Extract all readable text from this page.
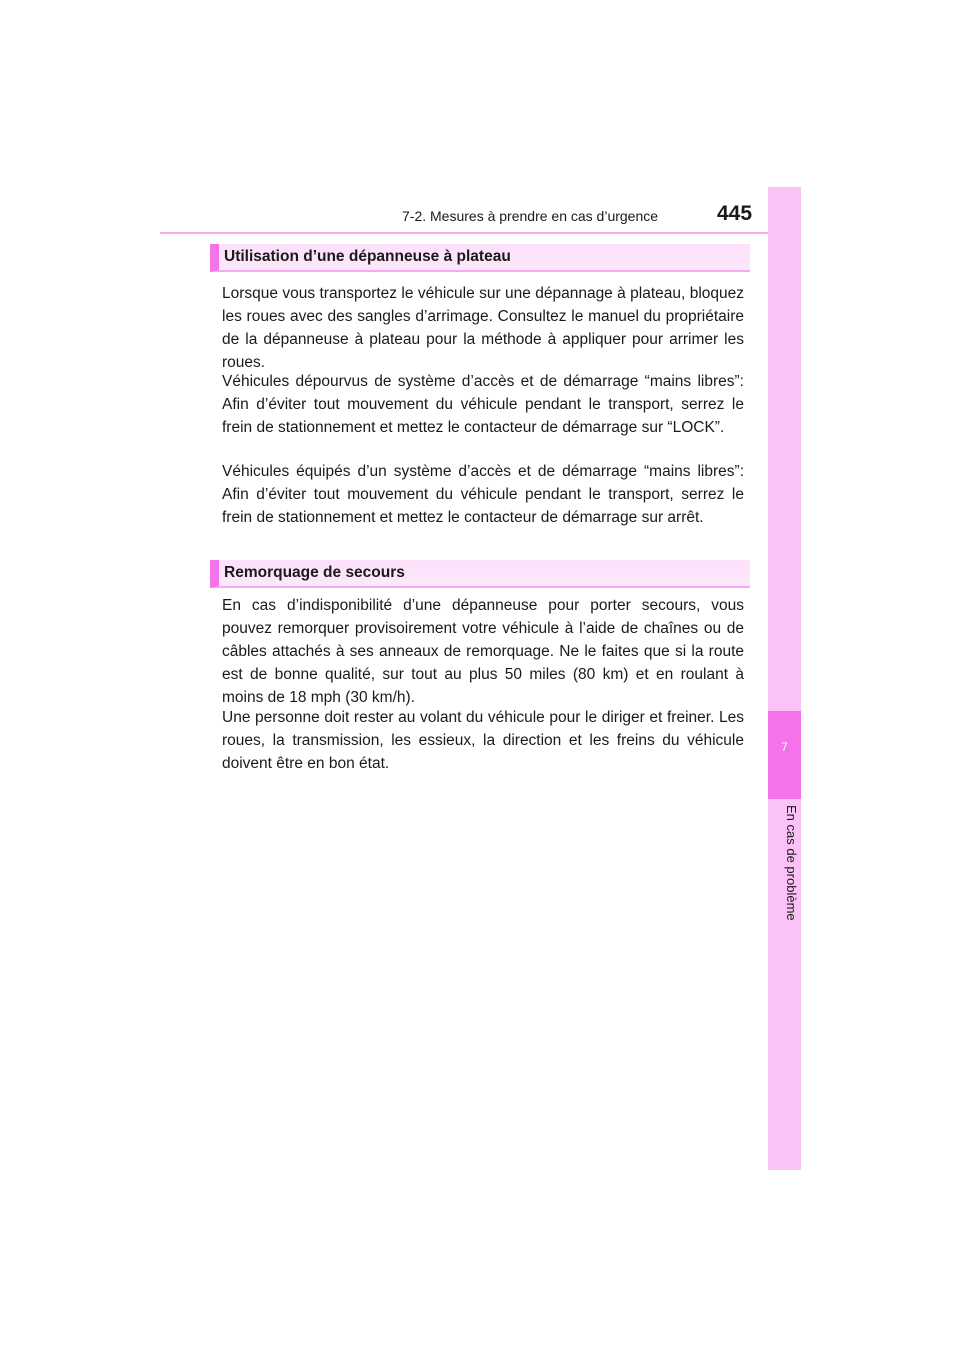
7-2. Mesures à prendre en cas d’urgence	445
7
En cas de problème
Utilisation d’une dépanneuse à plateau

Lorsque vous transportez le véhicule sur une dépannage à plateau, bloquez les roues avec des sangles d’arrimage. Consultez le manuel du propriétaire de la dépanneuse à plateau pour la méthode à appliquer pour arrimer les roues.

Véhicules dépourvus de système d’accès et de démarrage “mains libres”: Afin d’éviter tout mouvement du véhicule pendant le transport, serrez le frein de stationnement et mettez le contacteur de démarrage sur “LOCK”.

Véhicules équipés d’un système d’accès et de démarrage “mains libres”: Afin d’éviter tout mouvement du véhicule pendant le transport, serrez le frein de stationnement et mettez le contacteur de démarrage sur arrêt.

Remorquage de secours

En cas d’indisponibilité d’une dépanneuse pour porter secours, vous pouvez remorquer provisoirement votre véhicule à l’aide de chaînes ou de câbles attachés à ses anneaux de remorquage. Ne le faites que si la route est de bonne qualité, sur tout au plus 50 miles (80 km) et en roulant à moins de 18 mph (30 km/h).

Une personne doit rester au volant du véhicule pour le diriger et freiner. Les roues, la transmission, les essieux, la direction et les freins du véhicule doivent être en bon état.
